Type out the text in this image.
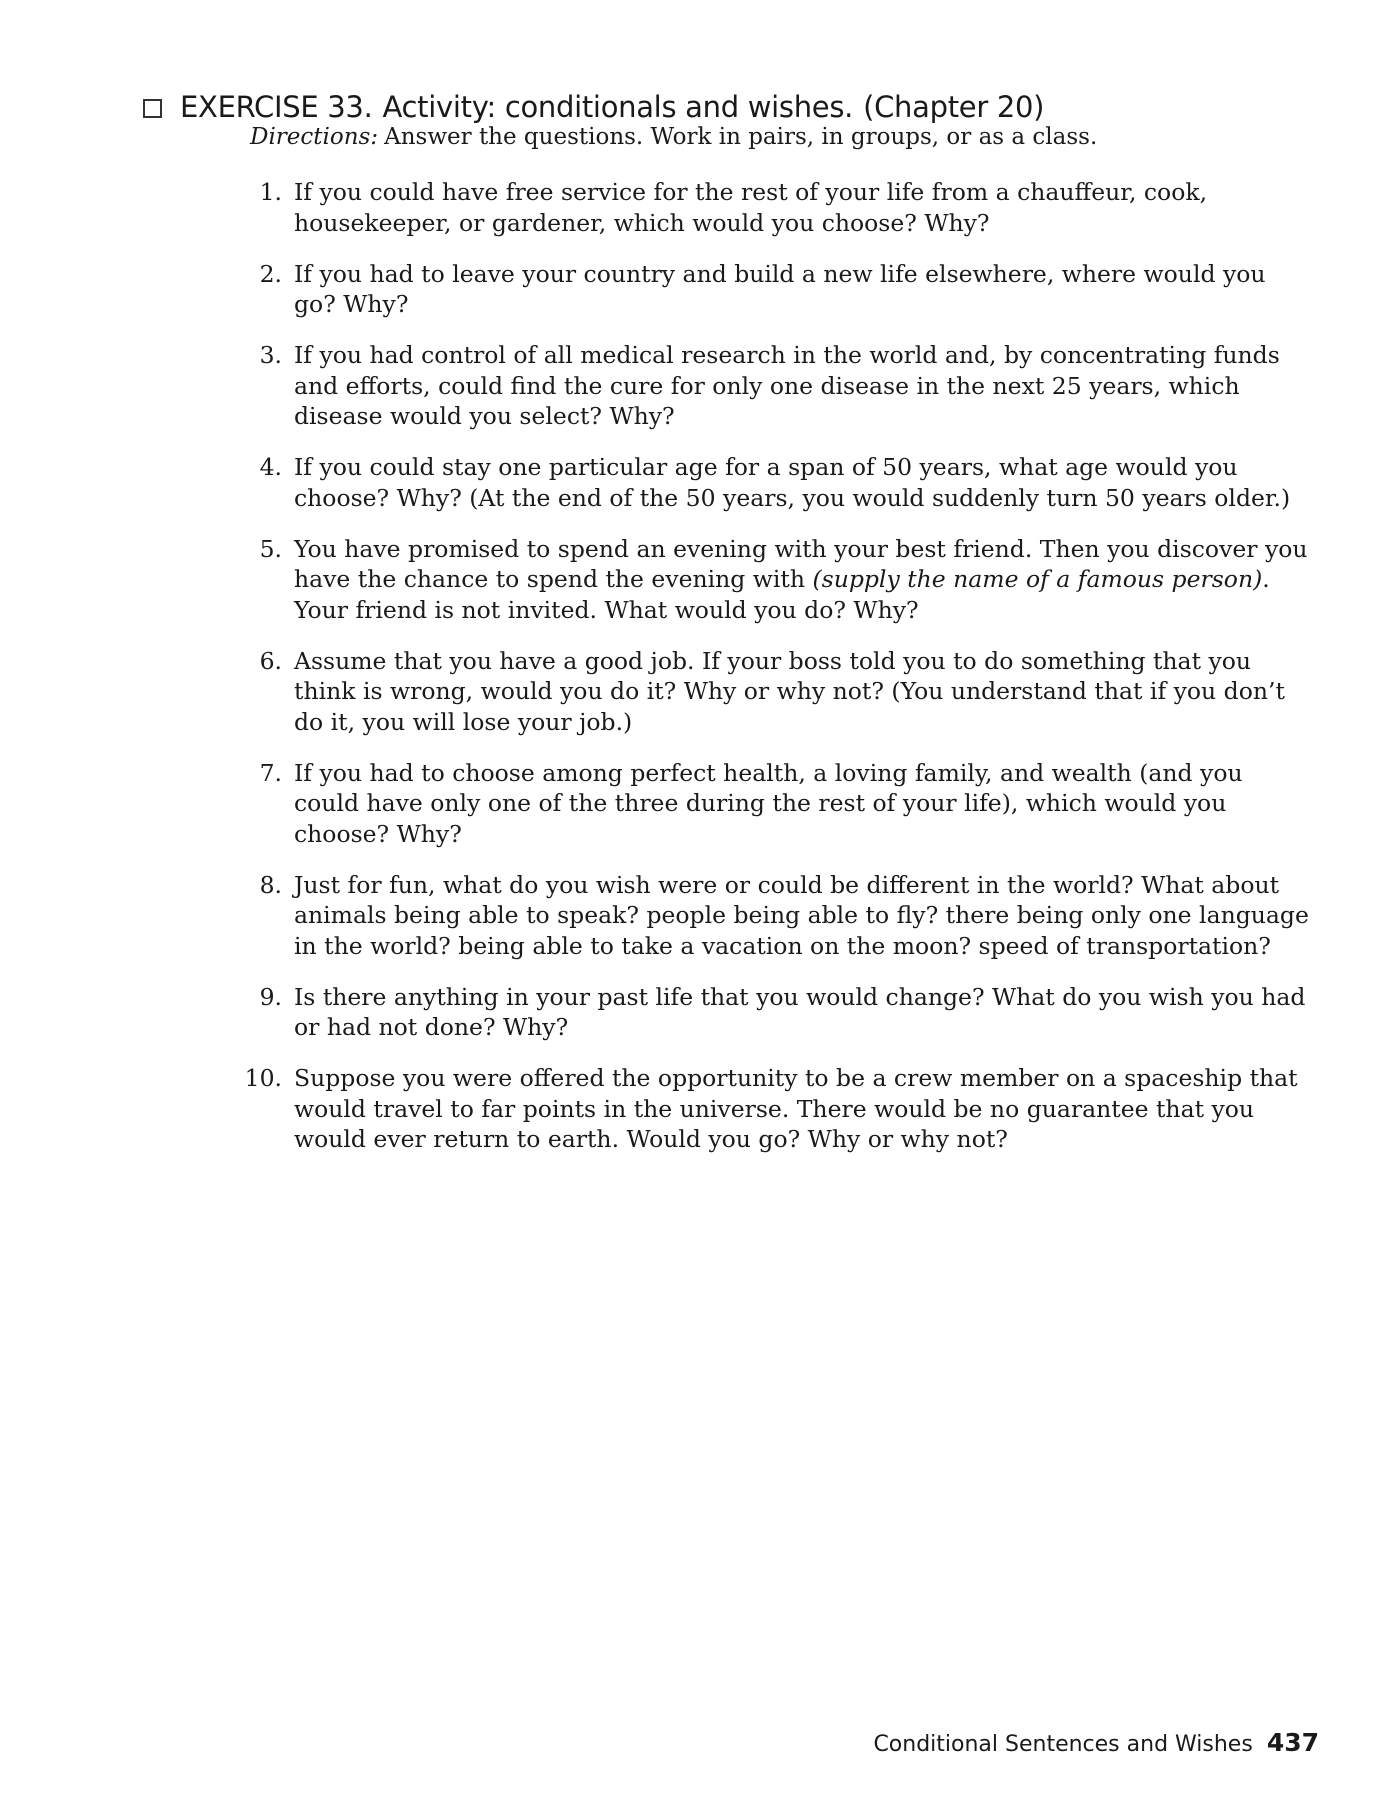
EXERCISE 33. Activity: conditionals and wishes. (Chapter 20)
Directions: Answer the questions. Work in pairs, in groups, or as a class.
1. If you could have free service for the rest of your life from a chauffeur, cook, housekeeper, or gardener, which would you choose? Why?
2. If you had to leave your country and build a new life elsewhere, where would you go? Why?
3. If you had control of all medical research in the world and, by concentrating funds and efforts, could find the cure for only one disease in the next 25 years, which disease would you select? Why?
4. If you could stay one particular age for a span of 50 years, what age would you choose? Why? (At the end of the 50 years, you would suddenly turn 50 years older.)
5. You have promised to spend an evening with your best friend. Then you discover you have the chance to spend the evening with (supply the name of a famous person). Your friend is not invited. What would you do? Why?
6. Assume that you have a good job. If your boss told you to do something that you think is wrong, would you do it? Why or why not? (You understand that if you don’t do it, you will lose your job.)
7. If you had to choose among perfect health, a loving family, and wealth (and you could have only one of the three during the rest of your life), which would you choose? Why?
8. Just for fun, what do you wish were or could be different in the world? What about animals being able to speak? people being able to fly? there being only one language in the world? being able to take a vacation on the moon? speed of transportation?
9. Is there anything in your past life that you would change? What do you wish you had or had not done? Why?
10. Suppose you were offered the opportunity to be a crew member on a spaceship that would travel to far points in the universe. There would be no guarantee that you would ever return to earth. Would you go? Why or why not?
Conditional Sentences and Wishes 437
